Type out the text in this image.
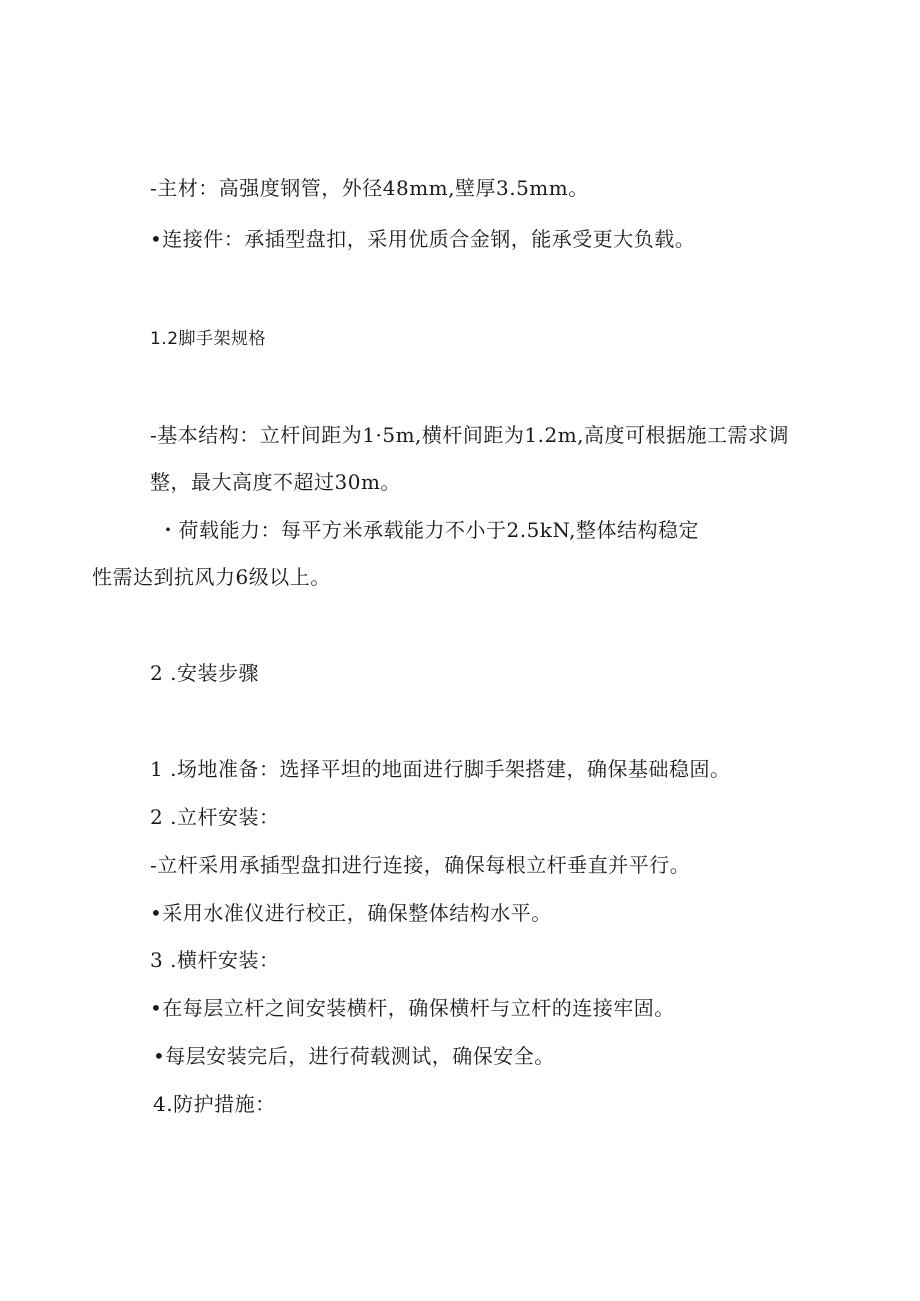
-主材：高强度钢管，外径48mm,壁厚3.5mm。
•连接件：承插型盘扣，采用优质合金钢，能承受更大负载。
1.2脚手架规格
-基本结构：立杆间距为1·5m,横杆间距为1.2m,高度可根据施工需求调
整，最大高度不超过30m。
・荷载能力：每平方米承载能力不小于2.5kN,整体结构稳定
性需达到抗风力6级以上。
2 .安装步骤
1 .场地准备：选择平坦的地面进行脚手架搭建，确保基础稳固。
2 .立杆安装：
-立杆采用承插型盘扣进行连接，确保每根立杆垂直并平行。
•采用水准仪进行校正，确保整体结构水平。
3 .横杆安装：
•在每层立杆之间安装横杆，确保横杆与立杆的连接牢固。
•每层安装完后，进行荷载测试，确保安全。
4.防护措施：
